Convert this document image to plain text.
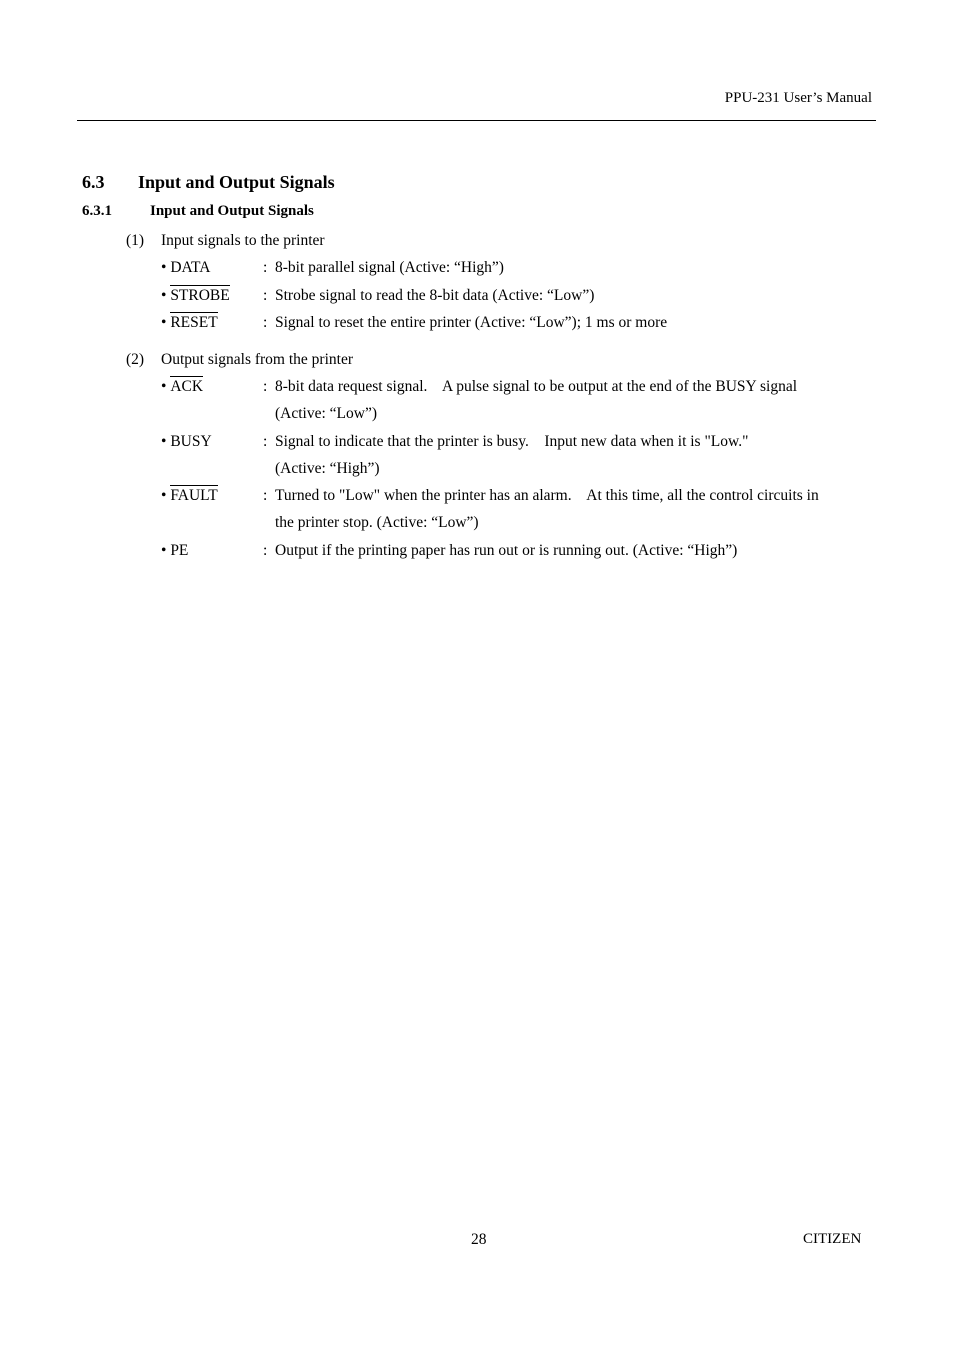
PPU-231 User’s Manual
6.3 Input and Output Signals
6.3.1	Input and Output Signals
(1) Input signals to the printer
• DATA	: 8-bit parallel signal (Active: “High”)
• STROBE : Strobe signal to read the 8-bit data (Active: “Low”)
• RESET	: Signal to reset the entire printer (Active: “Low”); 1 ms or more
(2) Output signals from the printer
• ACK	: 8-bit data request signal.    A pulse signal to be output at the end of the BUSY signal
(Active: “Low”)
• BUSY	: Signal to indicate that the printer is busy.    Input new data when it is "Low."
(Active: “High”)
• FAULT	: Turned to "Low" when the printer has an alarm.    At this time, all the control circuits in
the printer stop. (Active: “Low”)
• PE	: Output if the printing paper has run out or is running out. (Active: “High”)
28	CITIZEN
